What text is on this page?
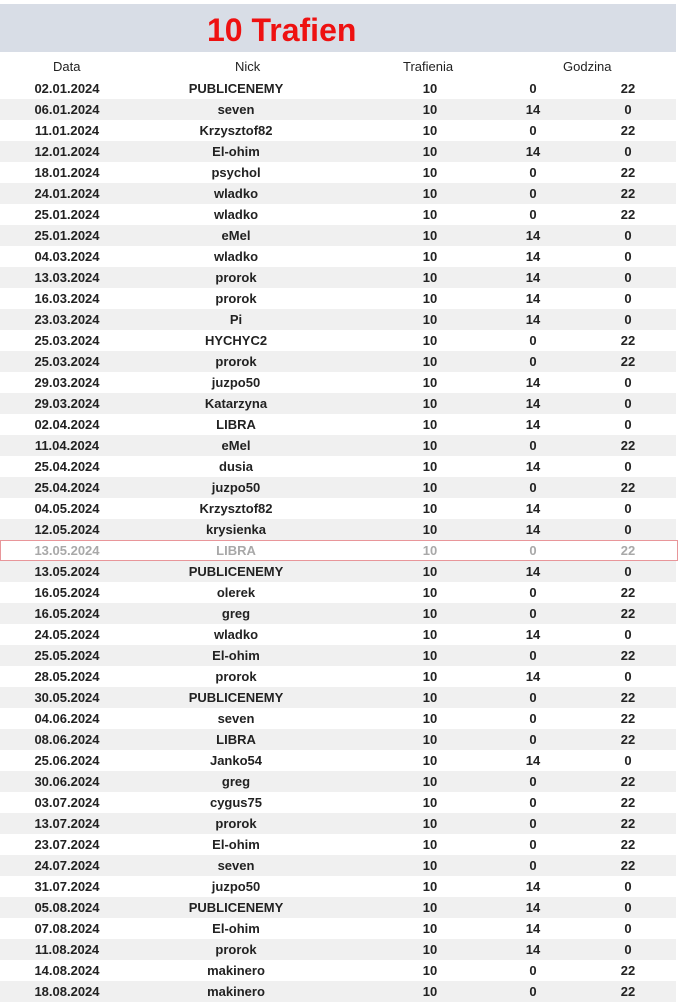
10 Trafien
Data	Nick	Trafienia	Godzina
02.01.2024	PUBLICENEMY	10	0	22
06.01.2024	seven	10	14	0
11.01.2024	Krzysztof82	10	0	22
12.01.2024	El-ohim	10	14	0
18.01.2024	psychol	10	0	22
24.01.2024	wladko	10	0	22
25.01.2024	wladko	10	0	22
25.01.2024	eMel	10	14	0
04.03.2024	wladko	10	14	0
13.03.2024	prorok	10	14	0
16.03.2024	prorok	10	14	0
23.03.2024	Pi	10	14	0
25.03.2024	HYCHYC2	10	0	22
25.03.2024	prorok	10	0	22
29.03.2024	juzpo50	10	14	0
29.03.2024	Katarzyna	10	14	0
02.04.2024	LIBRA	10	14	0
11.04.2024	eMel	10	0	22
25.04.2024	dusia	10	14	0
25.04.2024	juzpo50	10	0	22
04.05.2024	Krzysztof82	10	14	0
12.05.2024	krysienka	10	14	0
13.05.2024	LIBRA	10	0	22
13.05.2024	PUBLICENEMY	10	14	0
16.05.2024	olerek	10	0	22
16.05.2024	greg	10	0	22
24.05.2024	wladko	10	14	0
25.05.2024	El-ohim	10	0	22
28.05.2024	prorok	10	14	0
30.05.2024	PUBLICENEMY	10	0	22
04.06.2024	seven	10	0	22
08.06.2024	LIBRA	10	0	22
25.06.2024	Janko54	10	14	0
30.06.2024	greg	10	0	22
03.07.2024	cygus75	10	0	22
13.07.2024	prorok	10	0	22
23.07.2024	El-ohim	10	0	22
24.07.2024	seven	10	0	22
31.07.2024	juzpo50	10	14	0
05.08.2024	PUBLICENEMY	10	14	0
07.08.2024	El-ohim	10	14	0
11.08.2024	prorok	10	14	0
14.08.2024	makinero	10	0	22
18.08.2024	makinero	10	0	22
